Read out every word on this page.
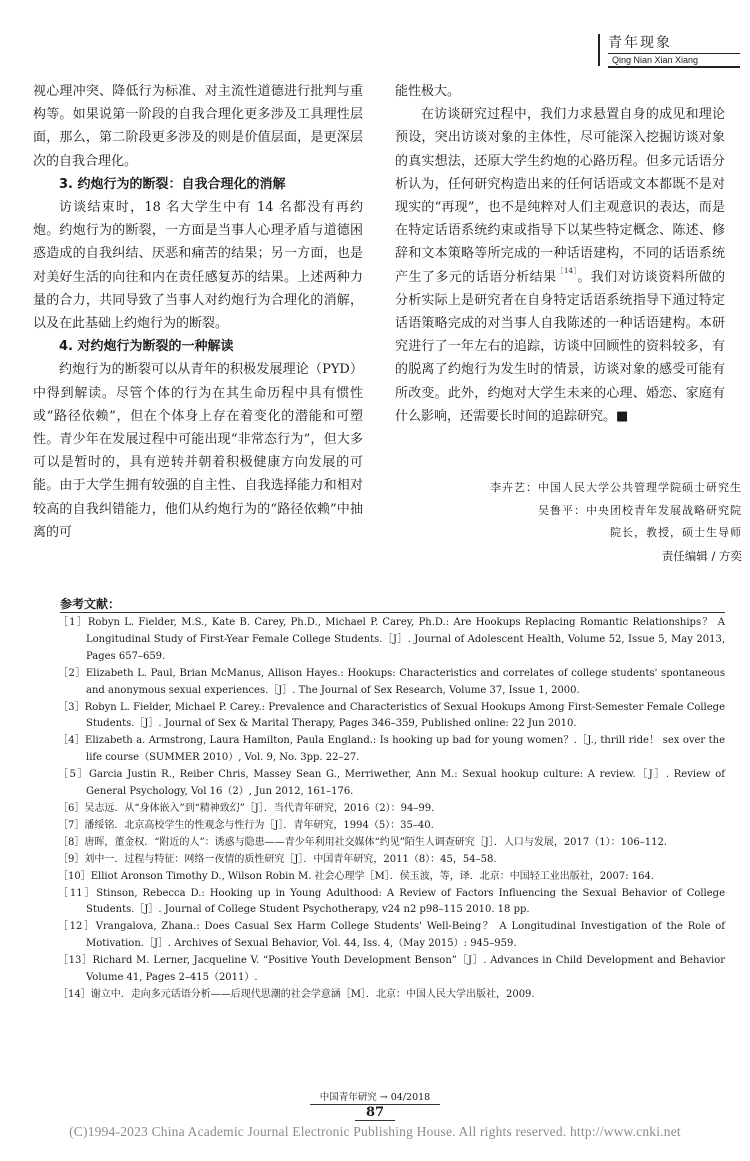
青年现象
Qing Nian Xian Xiang

视心理冲突、降低行为标准、对主流性道德进行批判与重构等。如果说第一阶段的自我合理化更多涉及工具理性层面，那么，第二阶段更多涉及的则是价值层面，是更深层次的自我合理化。

3. 约炮行为的断裂：自我合理化的消解

访谈结束时，18 名大学生中有 14 名都没有再约炮。约炮行为的断裂，一方面是当事人心理矛盾与道德困惑造成的自我纠结、厌恶和痛苦的结果；另一方面，也是对美好生活的向往和内在责任感复苏的结果。上述两种力量的合力，共同导致了当事人对约炮行为合理化的消解，以及在此基础上约炮行为的断裂。

4. 对约炮行为断裂的一种解读

约炮行为的断裂可以从青年的积极发展理论（PYD）中得到解读。尽管个体的行为在其生命历程中具有惯性或“路径依赖”，但在个体身上存在着变化的潜能和可塑性。青少年在发展过程中可能出现“非常态行为”，但大多可以是暂时的，具有逆转并朝着积极健康方向发展的可能。由于大学生拥有较强的自主性、自我选择能力和相对较高的自我纠错能力，他们从约炮行为的“路径依赖”中抽离的可

能性极大。

在访谈研究过程中，我们力求悬置自身的成见和理论预设，突出访谈对象的主体性，尽可能深入挖掘访谈对象的真实想法，还原大学生约炮的心路历程。但多元话语分析认为，任何研究构造出来的任何话语或文本都既不是对现实的“再现”，也不是纯粹对人们主观意识的表达，而是在特定话语系统约束或指导下以某些特定概念、陈述、修辞和文本策略等所完成的一种话语建构，不同的话语系统产生了多元的话语分析结果$^{[14]}$。我们对访谈资料所做的分析实际上是研究者在自身特定话语系统指导下通过特定话语策略完成的对当事人自我陈述的一种话语建构。本研究进行了一年左右的追踪，访谈中回顾性的资料较多，有的脱离了约炮行为发生时的情景，访谈对象的感受可能有所改变。此外，约炮对大学生未来的心理、婚恋、家庭有什么影响，还需要长时间的追踪研究。■

李卉艺：中国人民大学公共管理学院硕士研究生
吴鲁平：中央团校青年发展战略研究院
院长，教授，硕士生导师
责任编辑 / 方奕
参考文献：
［1］Robyn L. Fielder, M.S., Kate B. Carey, Ph.D., Michael P. Carey, Ph.D.: Are Hookups Replacing Romantic Relationships？ A Longitudinal Study of First-Year Female College Students.［J］. Journal of Adolescent Health, Volume 52, Issue 5, May 2013, Pages 657–659.
［2］Elizabeth L. Paul, Brian McManus, Allison Hayes.: Hookups: Characteristics and correlates of college students' spontaneous and anonymous sexual experiences.［J］. The Journal of Sex Research, Volume 37, Issue 1, 2000.
［3］Robyn L. Fielder, Michael P. Carey.: Prevalence and Characteristics of Sexual Hookups Among First-Semester Female College Students.［J］. Journal of Sex & Marital Therapy, Pages 346–359, Published online: 22 Jun 2010.
［4］Elizabeth a. Armstrong, Laura Hamilton, Paula England.: Is hooking up bad for young women？.［J., thrill ride！ sex over the life course（SUMMER 2010）, Vol. 9, No. 3pp. 22–27.
［5］Garcia Justin R., Reiber Chris, Massey Sean G., Merriwether, Ann M.: Sexual hookup culture: A review.［J］. Review of General Psychology, Vol 16（2）, Jun 2012, 161–176.
［6］吴志远．从“身体嵌入”到“精神致幻”［J］．当代青年研究，2016（2）：94–99.
［7］潘绥铭．北京高校学生的性观念与性行为［J］．青年研究，1994（5）：35–40.
［8］唐晖，董金权．“附近的人”：诱惑与隐患——青少年利用社交媒体“约见”陌生人调查研究［J］．人口与发展，2017（1）：106–112.
［9］刘中一．过程与特征：网络一夜情的质性研究［J］．中国青年研究，2011（8）：45，54–58.
［10］Elliot Aronson Timothy D., Wilson Robin M. 社会心理学［M］．侯玉波，等，译．北京：中国轻工业出版社，2007: 164.
［11］Stinson, Rebecca D.: Hooking up in Young Adulthood: A Review of Factors Influencing the Sexual Behavior of College Students.［J］. Journal of College Student Psychotherapy, v24 n2 p98–115 2010. 18 pp.
［12］Vrangalova, Zhana.: Does Casual Sex Harm College Students' Well-Being？ A Longitudinal Investigation of the Role of Motivation.［J］. Archives of Sexual Behavior, Vol. 44, Iss. 4,（May 2015）: 945–959.
［13］Richard M. Lerner, Jacqueline V. “Positive Youth Development Benson”［J］. Advances in Child Development and Behavior Volume 41, Pages 2–415（2011）.
［14］谢立中．走向多元话语分析——后现代思潮的社会学意涵［M］．北京：中国人民大学出版社，2009.
中国青年研究 → 04/2018
87
(C)1994-2023 China Academic Journal Electronic Publishing House. All rights reserved. http://www.cnki.net
